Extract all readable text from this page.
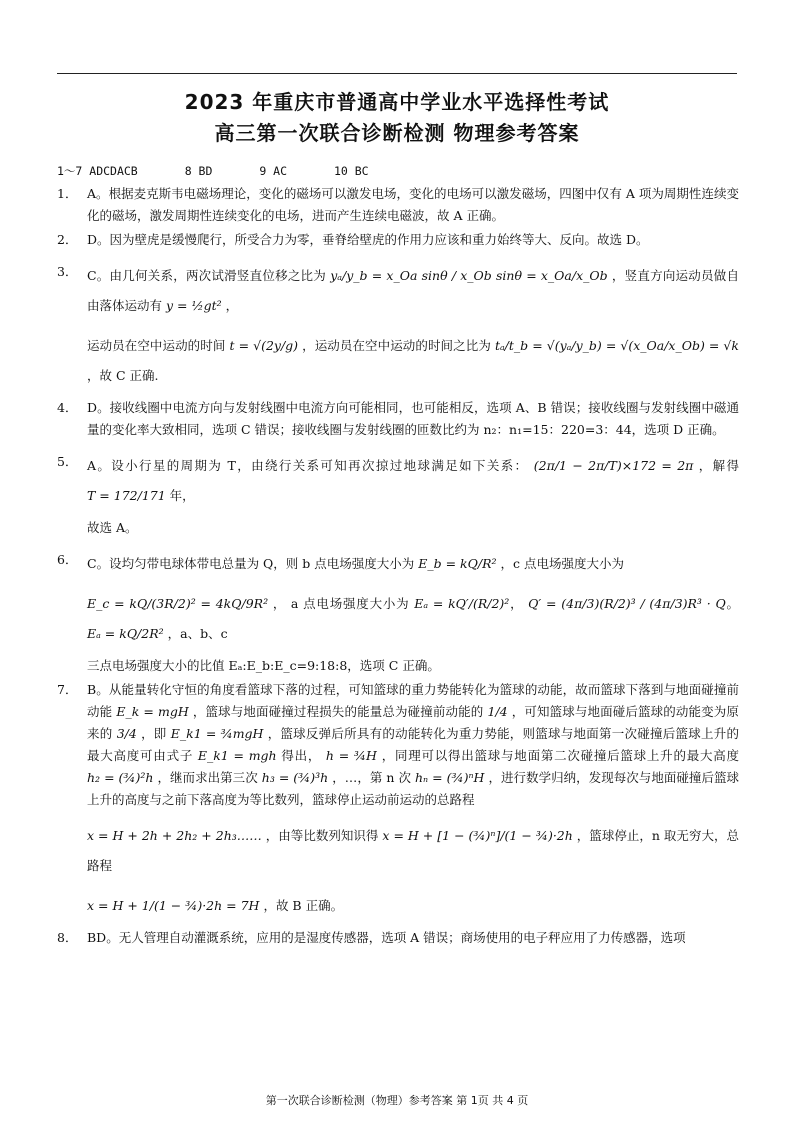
2023 年重庆市普通高中学业水平选择性考试
高三第一次联合诊断检测 物理参考答案
1～7 ADCDACB	8 BD	9 AC	10 BC
1． A。根据麦克斯韦电磁场理论，变化的磁场可以激发电场，变化的电场可以激发磁场，四图中仅有 A 项为周期性连续变化的磁场，激发周期性连续变化的电场，进而产生连续电磁波，故 A 正确。
2． D。因为壁虎是缓慢爬行，所受合力为零，垂脊给壁虎的作用力应该和重力始终等大、反向。故选 D。
3． C。由几何关系，两次试滑竖直位移之比为 yₐ/y_b = x_Oa sinθ / x_Ob sinθ = x_Oa/x_Ob ，竖直方向运动员做自由落体运动有 y = ½gt² ，
运动员在空中运动的时间 t = √(2y/g) ，运动员在空中运动的时间之比为 tₐ/t_b = √(yₐ/y_b) = √(x_Oa/x_Ob) = √k ，故 C 正确.
4． D。接收线圈中电流方向与发射线圈中电流方向可能相同，也可能相反，选项 A、B 错误；接收线圈与发射线圈中磁通量的变化率大致相同，选项 C 错误；接收线圈与发射线圈的匝数比约为 n₂：n₁=15：220=3：44，选项 D 正确。
5． A。设小行星的周期为 T，由绕行关系可知再次掠过地球满足如下关系： (2π/1 − 2π/T)×172 = 2π ，解得 T = 172/171 年，
故选 A。
6． C。设均匀带电球体带电总量为 Q，则 b 点电场强度大小为 E_b = kQ/R² ，c 点电场强度大小为
E_c = kQ/(3R/2)² = 4kQ/9R² ， a 点电场强度大小为 Eₐ = kQ′/(R/2)²， Q′ = (4π/3)(R/2)³ / (4π/3)R³ · Q。 Eₐ = kQ/2R² ，a、b、c
三点电场强度大小的比值 Eₐ:E_b:E_c=9:18:8，选项 C 正确。
7． B。从能量转化守恒的角度看篮球下落的过程，可知篮球的重力势能转化为篮球的动能，故而篮球下落到与地面碰撞前动能 E_k = mgH ，篮球与地面碰撞过程损失的能量总为碰撞前动能的 1/4 ，可知篮球与地面碰后篮球的动能变为原来的 3/4 ，即 E_k1 = ¾mgH ，篮球反弹后所具有的动能转化为重力势能，则篮球与地面第一次碰撞后篮球上升的最大高度可由式子 E_k1 = mgh 得出， h = ¾H ，同理可以得出篮球与地面第二次碰撞后篮球上升的最大高度 h₂ = (¾)²h ，继而求出第三次 h₃ = (¾)³h ，…，第 n 次 hₙ = (¾)ⁿH ，进行数学归纳，发现每次与地面碰撞后篮球上升的高度与之前下落高度为等比数列，篮球停止运动前运动的总路程
x = H + 2h + 2h₂ + 2h₃…… ，由等比数列知识得 x = H + [1 − (¾)ⁿ]/(1 − ¾)·2h ，篮球停止，n 取无穷大，总路程
x = H + 1/(1 − ¾)·2h = 7H ，故 B 正确。
8． BD。无人管理自动灌溉系统，应用的是湿度传感器，选项 A 错误；商场使用的电子秤应用了力传感器，选项
第一次联合诊断检测（物理）参考答案 第 1页 共 4 页
